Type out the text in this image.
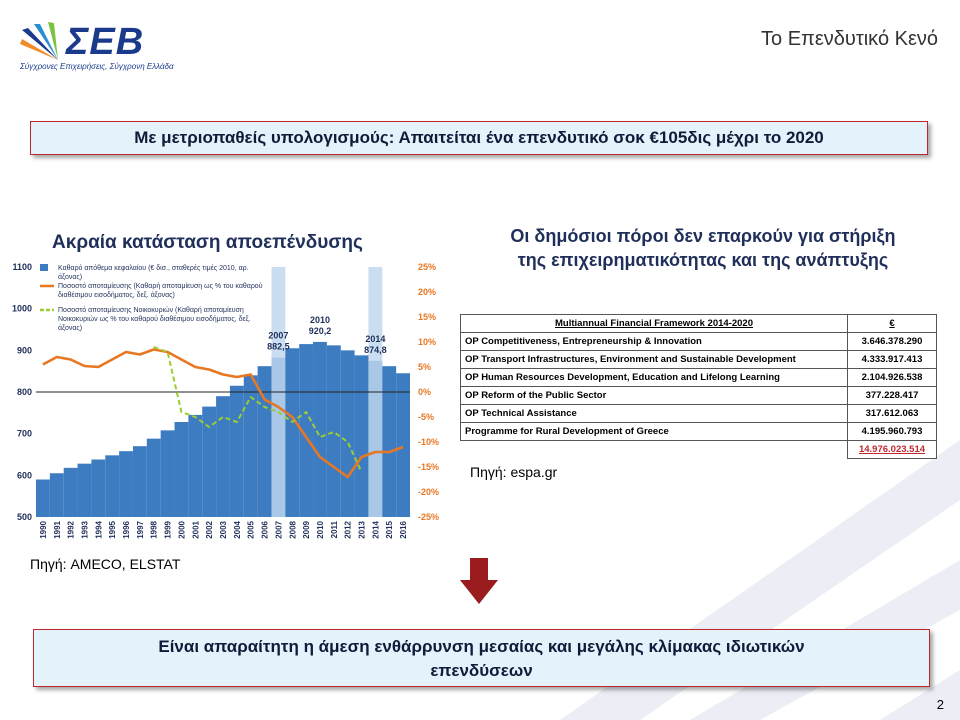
ΣΕΒ
Σύγχρονες Επιχειρήσεις, Σύγχρονη Ελλάδα
Το Επενδυτικό Κενό
Με μετριοπαθείς υπολογισμούς: Απαιτείται ένα επενδυτικό σοκ €105δις μέχρι το 2020
Ακραία κατάσταση αποεπένδυσης
1100
1000
900
800
700
600
500
25%
20%
15%
10%
5%
0%
-5%
-10%
-15%
-20%
-25%
2007
882,5
2010
920,2
2014
874,8
1990 1991 1992 1993 1994 1995 1996 1997 1998 1999 2000 2001 2002 2003 2004 2005 2006 2007 2008 2009 2010 2011 2012 2013 2014 2015 2016
Καθαρό απόθεμα κεφαλαίου (€ δισ., σταθερές τιμές 2010, αρ. άξονας)
Ποσοστό αποταμίευσης (Καθαρή αποταμίευση ως % του καθαρού διαθέσιμου εισοδήματος, δεξ. άξονας)
Ποσοστό αποταμίευσης Νοικοκυριών (Καθαρή αποταμίευση Νοικοκυριών ως % του καθαρού διαθέσιμου εισοδήματος, δεξ. άξονας)
Πηγή: AMECO, ELSTAT
Οι δημόσιοι πόροι δεν επαρκούν για στήριξη
της επιχειρηματικότητας και της ανάπτυξης
Multiannual Financial Framework 2014-2020	€
OP Competitiveness, Entrepreneurship & Innovation	3.646.378.290
OP Transport Infrastructures, Environment and Sustainable Development	4.333.917.413
OP Human Resources Development, Education and Lifelong Learning	2.104.926.538
OP Reform of the Public Sector	377.228.417
OP Technical Assistance	317.612.063
Programme for Rural Development of Greece	4.195.960.793
	14.976.023.514
Πηγή: espa.gr
Είναι απαραίτητη η άμεση ενθάρρυνση μεσαίας και μεγάλης κλίμακας ιδιωτικών
επενδύσεων
2
